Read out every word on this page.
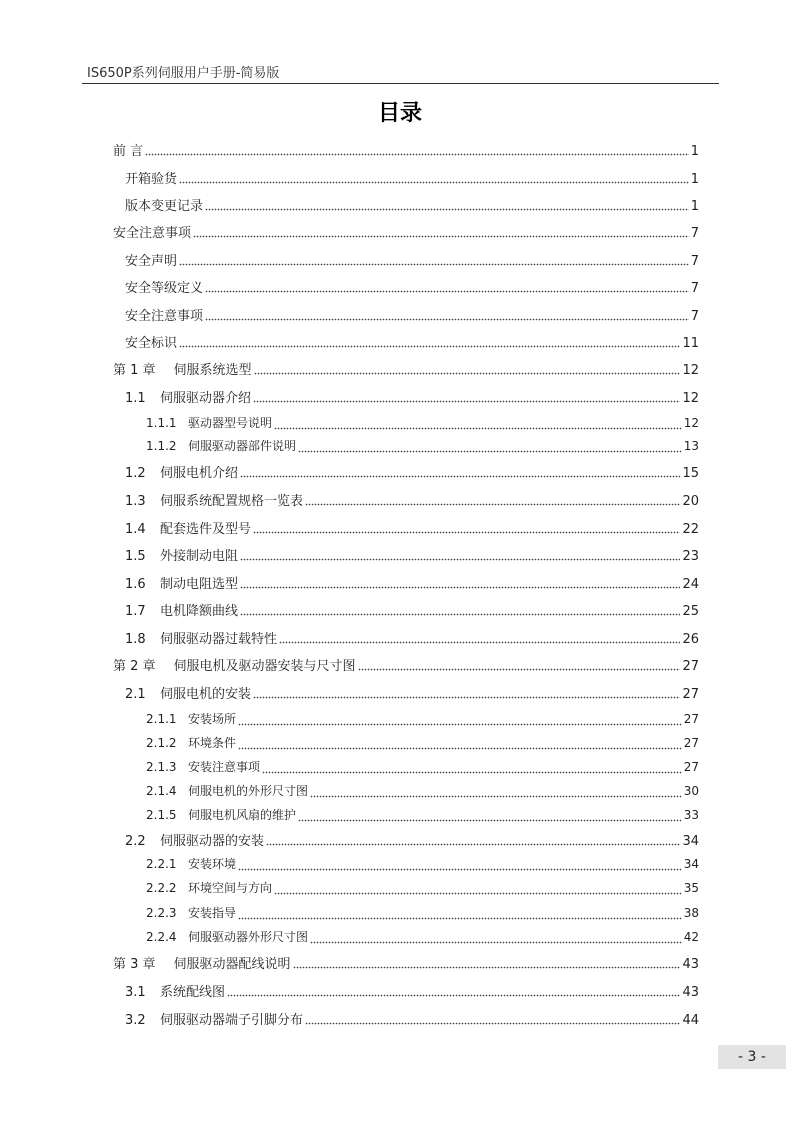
IS650P系列伺服用户手册-简易版
目录
前 言	1
开箱验货	1
版本变更记录	1
安全注意事项	7
安全声明	7
安全等级定义	7
安全注意事项	7
安全标识	11
第 1 章 伺服系统选型	12
1.1	伺服驱动器介绍	12
1.1.1 驱动器型号说明	12
1.1.2 伺服驱动器部件说明	13
1.2	伺服电机介绍	15
1.3	伺服系统配置规格一览表	20
1.4	配套选件及型号	22
1.5	外接制动电阻	23
1.6	制动电阻选型	24
1.7	电机降额曲线	25
1.8	伺服驱动器过载特性	26
第 2 章 伺服电机及驱动器安装与尺寸图	27
2.1	伺服电机的安装	27
2.1.1 安装场所	27
2.1.2 环境条件	27
2.1.3 安装注意事项	27
2.1.4 伺服电机的外形尺寸图	30
2.1.5 伺服电机风扇的维护	33
2.2	伺服驱动器的安装	34
2.2.1 安装环境	34
2.2.2 环境空间与方向	35
2.2.3 安装指导	38
2.2.4 伺服驱动器外形尺寸图	42
第 3 章 伺服驱动器配线说明	43
3.1	系统配线图	43
3.2	伺服驱动器端子引脚分布	44
- 3 -
